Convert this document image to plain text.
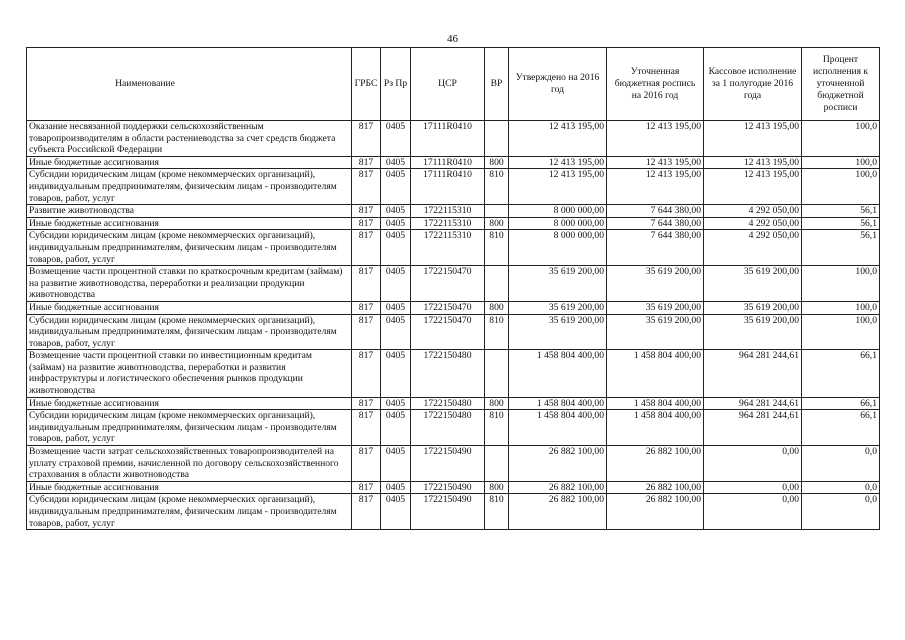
46
Наименование	ГРБС	Рз Пр	ЦСР	ВР	Утверждено на 2016 год	Уточненная бюджетная роспись на 2016 год	Кассовое исполнение за 1 полугодие 2016 года	Процент исполнения к уточненной бюджетной росписи
Оказание несвязанной поддержки сельскохозяйственным товаропроизводителям в области растениеводства за счет средств бюджета субъекта Российской Федерации	817	0405	17111R0410		12 413 195,00	12 413 195,00	12 413 195,00	100,0
Иные бюджетные ассигнования	817	0405	17111R0410	800	12 413 195,00	12 413 195,00	12 413 195,00	100,0
Субсидии юридическим лицам (кроме некоммерческих организаций), индивидуальным предпринимателям, физическим лицам - производителям товаров, работ, услуг	817	0405	17111R0410	810	12 413 195,00	12 413 195,00	12 413 195,00	100,0
Развитие животноводства	817	0405	1722115310		8 000 000,00	7 644 380,00	4 292 050,00	56,1
Иные бюджетные ассигнования	817	0405	1722115310	800	8 000 000,00	7 644 380,00	4 292 050,00	56,1
Субсидии юридическим лицам (кроме некоммерческих организаций), индивидуальным предпринимателям, физическим лицам - производителям товаров, работ, услуг	817	0405	1722115310	810	8 000 000,00	7 644 380,00	4 292 050,00	56,1
Возмещение части процентной ставки по краткосрочным кредитам (займам) на развитие животноводства, переработки и реализации продукции животноводства	817	0405	1722150470		35 619 200,00	35 619 200,00	35 619 200,00	100,0
Иные бюджетные ассигнования	817	0405	1722150470	800	35 619 200,00	35 619 200,00	35 619 200,00	100,0
Субсидии юридическим лицам (кроме некоммерческих организаций), индивидуальным предпринимателям, физическим лицам - производителям товаров, работ, услуг	817	0405	1722150470	810	35 619 200,00	35 619 200,00	35 619 200,00	100,0
Возмещение части процентной ставки по инвестиционным кредитам (займам) на развитие животноводства, переработки и развития инфраструктуры и логистического обеспечения рынков продукции животноводства	817	0405	1722150480		1 458 804 400,00	1 458 804 400,00	964 281 244,61	66,1
Иные бюджетные ассигнования	817	0405	1722150480	800	1 458 804 400,00	1 458 804 400,00	964 281 244,61	66,1
Субсидии юридическим лицам (кроме некоммерческих организаций), индивидуальным предпринимателям, физическим лицам - производителям товаров, работ, услуг	817	0405	1722150480	810	1 458 804 400,00	1 458 804 400,00	964 281 244,61	66,1
Возмещение части затрат сельскохозяйственных товаропроизводителей на уплату страховой премии, начисленной по договору сельскохозяйственного страхования в области животноводства	817	0405	1722150490		26 882 100,00	26 882 100,00	0,00	0,0
Иные бюджетные ассигнования	817	0405	1722150490	800	26 882 100,00	26 882 100,00	0,00	0,0
Субсидии юридическим лицам (кроме некоммерческих организаций), индивидуальным предпринимателям, физическим лицам - производителям товаров, работ, услуг	817	0405	1722150490	810	26 882 100,00	26 882 100,00	0,00	0,0
